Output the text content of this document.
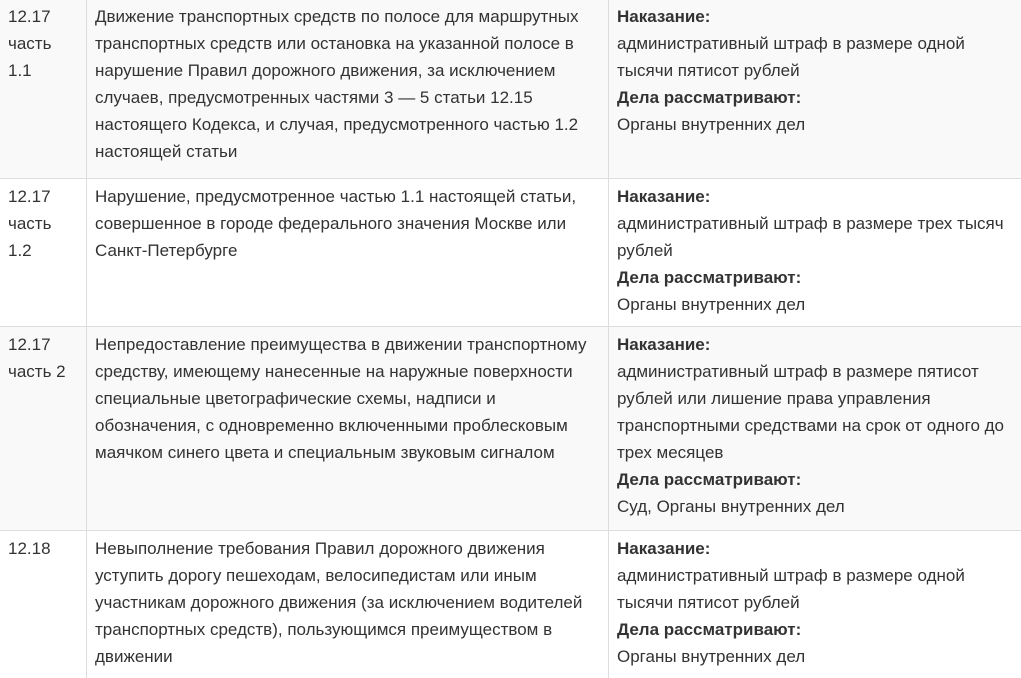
12.17
часть
1.1
Движение транспортных средств по полосе для маршрутных транспортных средств или остановка на указанной полосе в нарушение Правил дорожного движения, за исключением случаев, предусмотренных частями 3 — 5 статьи 12.15 настоящего Кодекса, и случая, предусмотренного частью 1.2 настоящей статьи
Наказание:
административный штраф в размере одной тысячи пятисот рублей
Дела рассматривают:
Органы внутренних дел
12.17
часть
1.2
Нарушение, предусмотренное частью 1.1 настоящей статьи, совершенное в городе федерального значения Москве или Санкт-Петербурге
Наказание:
административный штраф в размере трех тысяч рублей
Дела рассматривают:
Органы внутренних дел
12.17
часть 2
Непредоставление преимущества в движении транспортному средству, имеющему нанесенные на наружные поверхности специальные цветографические схемы, надписи и обозначения, с одновременно включенными проблесковым маячком синего цвета и специальным звуковым сигналом
Наказание:
административный штраф в размере пятисот рублей или лишение права управления транспортными средствами на срок от одного до трех месяцев
Дела рассматривают:
Суд, Органы внутренних дел
12.18	Невыполнение требования Правил дорожного движения уступить дорогу пешеходам, велосипедистам или иным участникам дорожного движения (за исключением водителей транспортных средств), пользующимся преимуществом в движении
Наказание:
административный штраф в размере одной тысячи пятисот рублей
Дела рассматривают:
Органы внутренних дел
